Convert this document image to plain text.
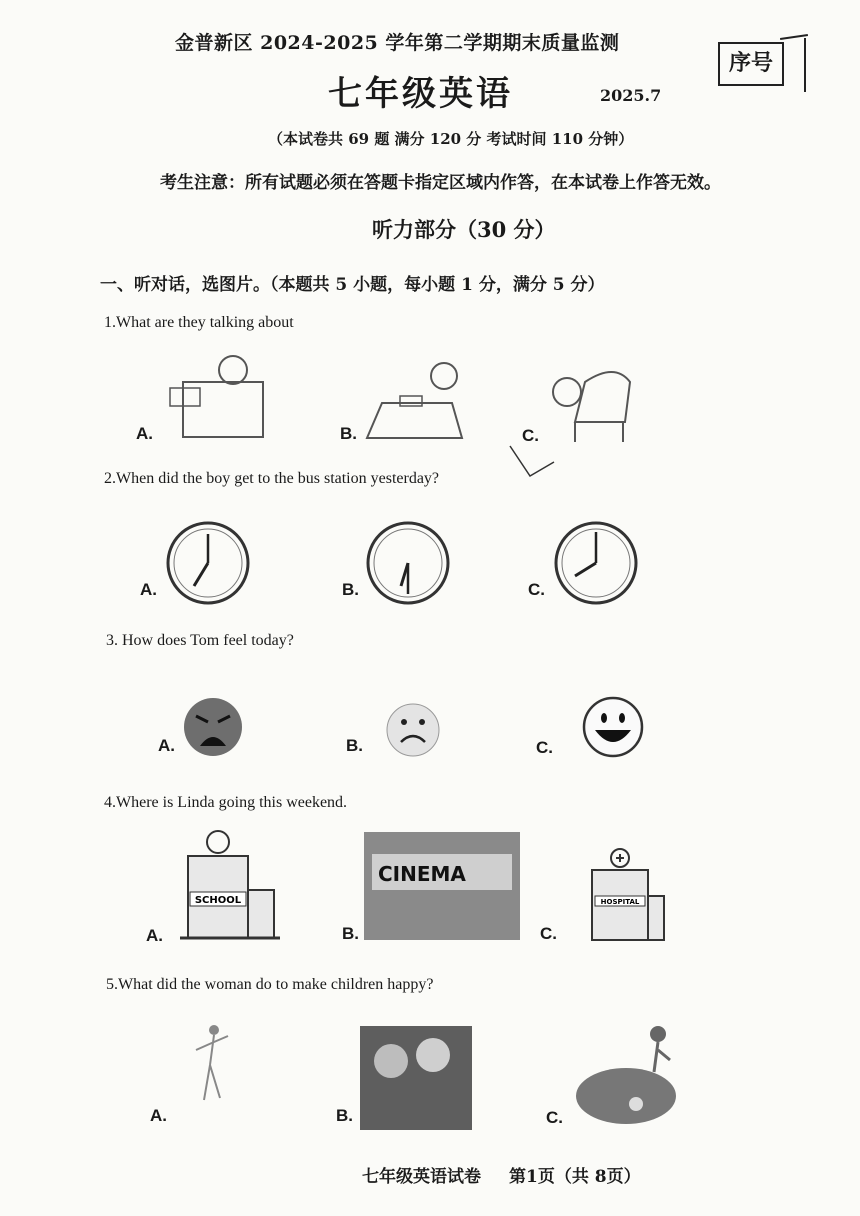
金普新区 2024-2025 学年第二学期期末质量监测
七年级英语	2025.7
序号
（本试卷共 69 题 满分 120 分 考试时间 110 分钟）
考生注意：所有试题必须在答题卡指定区域内作答，在本试卷上作答无效。
听力部分（30 分）
一、听对话，选图片。（本题共 5 小题，每小题 1 分，满分 5 分）
1.What are they talking about
A.	B.	C.
2.When did the boy get to the bus station yesterday?
A.	B.	C.
3. How does Tom feel today?
A.	B.	C.
4.Where is Linda going this weekend.
A.	B.	C.
SCHOOL
CINEMA
HOSPITAL
5.What did the woman do to make children happy?
A.	B.	C.
七年级英语试卷 第1页（共 8页）
